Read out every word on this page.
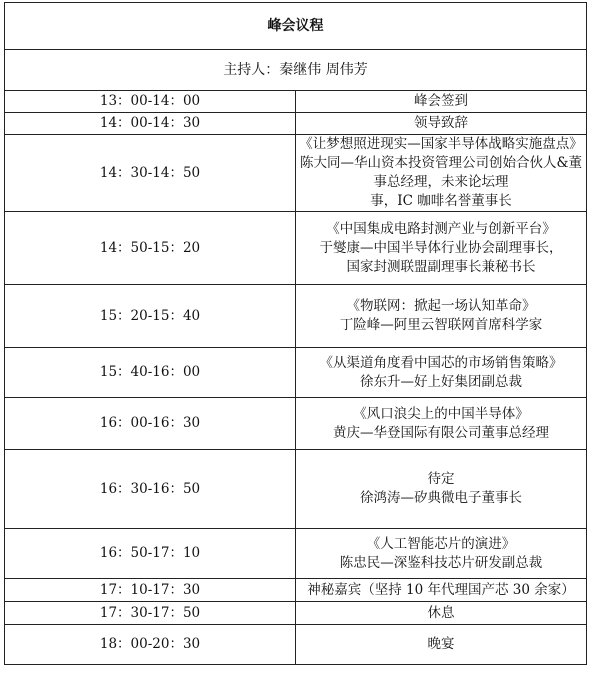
峰会议程	
主持人：秦继伟 周伟芳	
13：00-14：00	峰会签到

14：00-14：30	领导致辞

14：30-14：50	《让梦想照进现实—国家半导体战略实施盘点》
陈大同—华山资本投资管理公司创始合伙人&董事总经理，未来论坛理
事，IC 咖啡名誉董事长

14：50-15：20	《中国集成电路封测产业与创新平台》
于燮康—中国半导体行业协会副理事长，
国家封测联盟副理事长兼秘书长

15：20-15：40	《物联网：掀起一场认知革命》
丁险峰—阿里云智联网首席科学家

15：40-16：00	《从渠道角度看中国芯的市场销售策略》
徐东升—好上好集团副总裁

16：00-16：30	《风口浪尖上的中国半导体》
黄庆—华登国际有限公司董事总经理

16：30-16：50	待定
徐鸿涛—矽典微电子董事长

16：50-17：10	《人工智能芯片的演进》
陈忠民—深鉴科技芯片研发副总裁

17：10-17：30	神秘嘉宾（坚持 10 年代理国产芯 30 余家）

17：30-17：50	休息

18：00-20：30	晚宴
